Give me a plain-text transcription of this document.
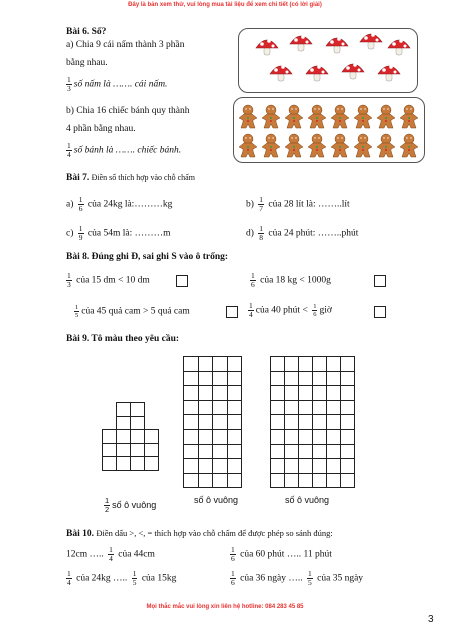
Đây là bản xem thử, vui lòng mua tài liệu để xem chi tiết (có lời giải)
Mọi thắc mắc vui lòng xin liên hệ hotline: 084 283 45 85
3
Bài 6. Số?
a) Chia 9 cái nấm thành 3 phần
bằng nhau.
$\frac{1}{3}$ số nấm là ……. cái nấm.
b) Chia 16 chiếc bánh quy thành
4 phần bằng nhau.
$\frac{1}{4}$ số bánh là ……. chiếc bánh.
Bài 7. Điền số thích hợp vào chỗ chấm
$a) \frac{1}{6}$ của 24kg là:………kg	$b) \frac{1}{7}$ của 28 lít là: ……..lít
$c) \frac{1}{9}$ của 54m là: ………m	$d) \frac{1}{8}$ của 24 phút: ……..phút
Bài 8. Đúng ghi Đ, sai ghi S vào ô trống:
$\frac{1}{3}$ của 15 dm < 10 dm	$\frac{1}{6}$ của 18 kg < 1000g
$\frac{1}{5}$ của 45 quả cam > 5 quả cam	$\frac{1}{4}$ của 40 phút < $\frac{1}{6}$ giờ
Bài 9. Tô màu theo yêu cầu:
$\frac{1}{2}$ số ô vuông	số ô vuông	số ô vuông
Bài 10. Điền dấu >, <, = thích hợp vào chỗ chấm để được phép so sánh đúng:
12cm ….. $\frac{1}{4}$ của 44cm	$\frac{1}{6}$ của 60 phút ….. 11 phút
$\frac{1}{4}$ của 24kg ….. $\frac{1}{5}$ của 15kg	$\frac{1}{6}$ của 36 ngày ….. $\frac{1}{5}$ của 35 ngày
